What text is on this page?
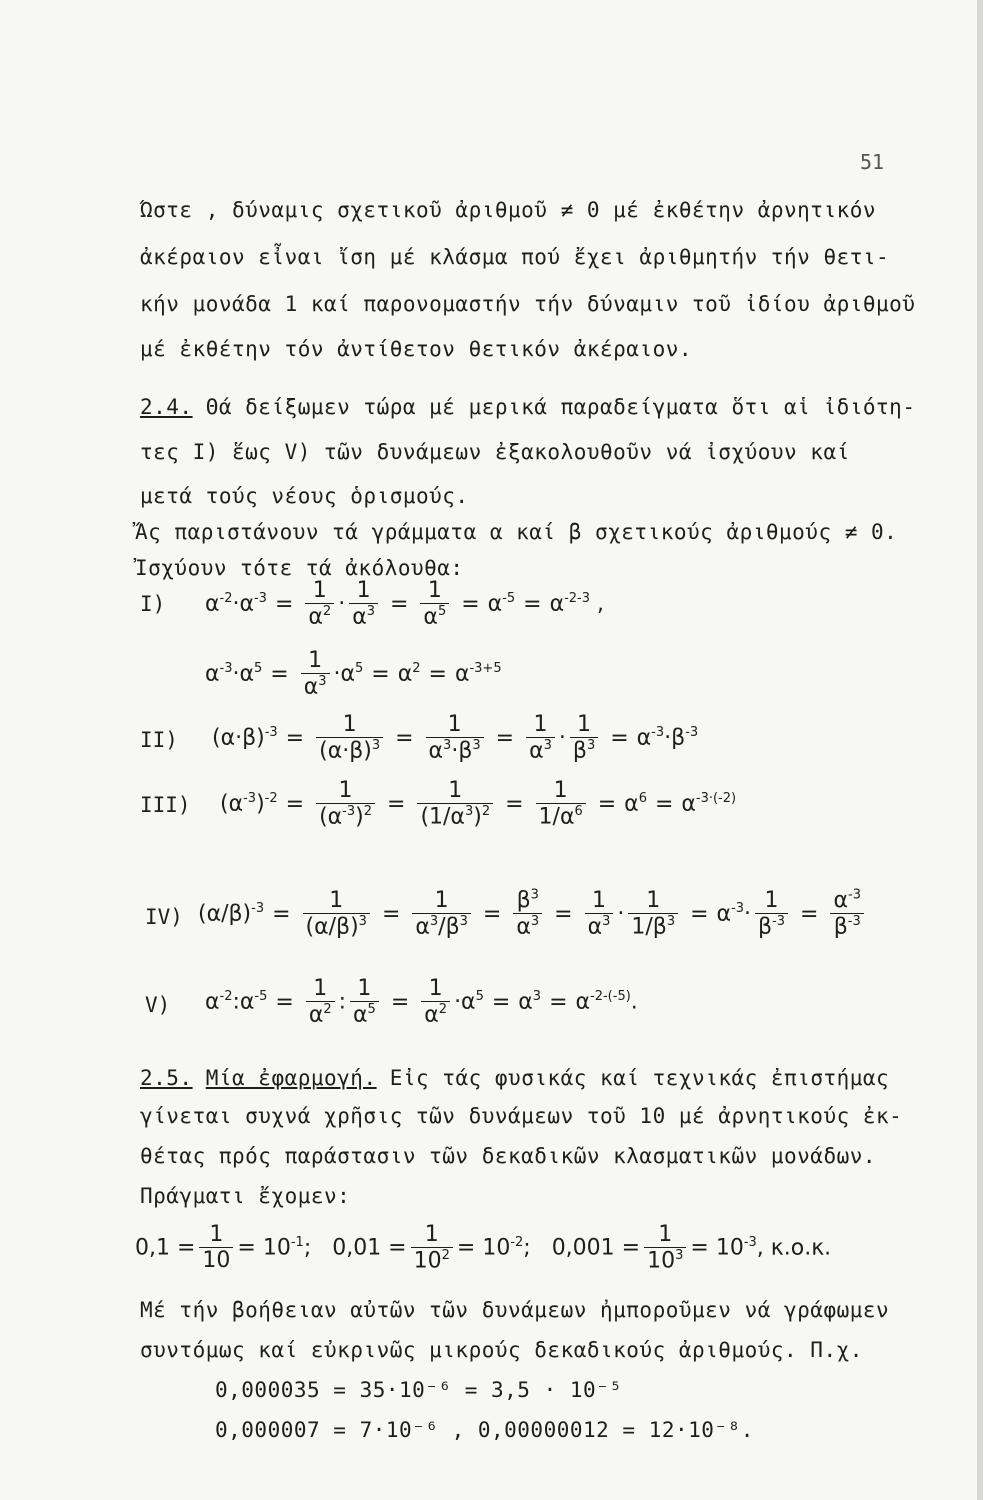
51
Ώστε , δύναμις σχετικοῦ ἀριθμοῦ ≠ 0 μέ ἐκθέτην ἀρνητικόν
ἀκέραιον εἶναι ἴση μέ κλάσμα πού ἔχει ἀριθμητήν τήν θετι-
κήν μονάδα 1 καί παρονομαστήν τήν δύναμιν τοῦ ἰδίου ἀριθμοῦ
μέ ἐκθέτην τόν ἀντίθετον θετικόν ἀκέραιον.
2.4. Θά δείξωμεν τώρα μέ μερικά παραδείγματα ὅτι αἱ ἰδιότη-
τες I) ἕως V) τῶν δυνάμεων ἐξακολουθοῦν νά ἰσχύουν καί
μετά τούς νέους ὁρισμούς.
Ἄς παριστάνουν τά γράμματα α καί β σχετικούς ἀριθμούς ≠ 0.
Ἰσχύουν τότε τά ἀκόλουθα:
I) $\alpha^{-2}\cdot\alpha^{-3} = \frac{1}{\alpha^2} \cdot \frac{1}{\alpha^3} = \frac{1}{\alpha^5} = \alpha^{-5} = \alpha^{-2-3}$ ,
$\alpha^{-3}\cdot\alpha^5 = \frac{1}{\alpha^3} \cdot\alpha^5 = \alpha^2 = \alpha^{-3+5}$
II) $(\alpha\cdot\beta)^{-3} = \frac{1}{(\alpha\cdot\beta)^3} = \frac{1}{\alpha^3\cdot\beta^3} = \frac{1}{\alpha^3} \cdot \frac{1}{\beta^3} = \alpha^{-3}\cdot\beta^{-3}$
III) $(\alpha^{-3})^{-2} = \frac{1}{(\alpha^{-3})^2} = \frac{1}{(1/\alpha^3)^2} = \frac{1}{1/\alpha^6} = \alpha^6 = \alpha^{-3\cdot(-2)}$
IV) $(\alpha/\beta)^{-3} = \frac{1}{(\alpha/\beta)^3} = \frac{1}{\alpha^3/\beta^3} = \frac{\beta^3}{\alpha^3} = \frac{1}{\alpha^3} \cdot \frac{1}{1/\beta^3} = \alpha^{-3}\cdot \frac{1}{\beta^{-3}} = \frac{\alpha^{-3}}{\beta^{-3}}$
V) $\alpha^{-2}:\alpha^{-5} = \frac{1}{\alpha^2}$ : $\frac{1}{\alpha^5} = \frac{1}{\alpha^2} \cdot\alpha^5 = \alpha^3 = \alpha^{-2-(-5)}$.
2.5. Μία ἐφαρμογή. Εἰς τάς φυσικάς καί τεχνικάς ἐπιστήμας
γίνεται συχνά χρῆσις τῶν δυνάμεων τοῦ 10 μέ ἀρνητικούς ἐκ-
θέτας πρός παράστασιν τῶν δεκαδικῶν κλασματικῶν μονάδων.
Πράγματι ἔχομεν:
$0,1 = \frac{1}{10} = 10^{-1}$;   $0,01 = \frac{1}{10^2} = 10^{-2}$;   $0,001 = \frac{1}{10^3} = 10^{-3}$, κ.ο.κ.
Μέ τήν βοήθειαν αὐτῶν τῶν δυνάμεων ἠμποροῦμεν νά γράφωμεν
συντόμως καί εὐκρινῶς μικρούς δεκαδικούς ἀριθμούς. Π.χ.
0,000035 = 35·10⁻⁶ = 3,5 · 10⁻⁵
0,000007 = 7·10⁻⁶ , 0,00000012 = 12·10⁻⁸.
